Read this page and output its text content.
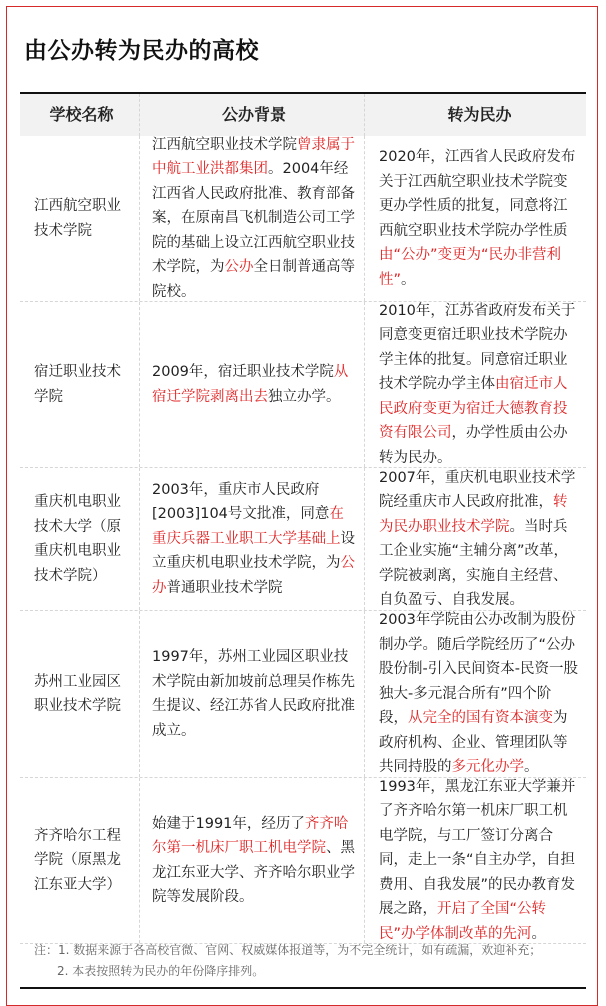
由公办转为民办的高校
学校名称	公办背景	转为民办
江西航空职业技术学院
江西航空职业技术学院曾隶属于中航工业洪都集团。2004年经江西省人民政府批准、教育部备案，在原南昌飞机制造公司工学院的基础上设立江西航空职业技术学院，为公办全日制普通高等院校。
2020年，江西省人民政府发布关于江西航空职业技术学院变更办学性质的批复，同意将江西航空职业技术学院办学性质由“公办”变更为“民办非营利性”。
宿迁职业技术学院
2009年，宿迁职业技术学院从宿迁学院剥离出去独立办学。
2010年，江苏省政府发布关于同意变更宿迁职业技术学院办学主体的批复。同意宿迁职业技术学院办学主体由宿迁市人民政府变更为宿迁大德教育投资有限公司，办学性质由公办转为民办。
重庆机电职业技术大学（原重庆机电职业技术学院）
2003年，重庆市人民政府[2003]104号文批准，同意在重庆兵器工业职工大学基础上设立重庆机电职业技术学院，为公办普通职业技术学院
2007年，重庆机电职业技术学院经重庆市人民政府批准，转为民办职业技术学院。当时兵工企业实施“主辅分离”改革，学院被剥离，实施自主经营、自负盈亏、自我发展。
苏州工业园区职业技术学院
1997年，苏州工业园区职业技术学院由新加坡前总理吴作栋先生提议、经江苏省人民政府批准成立。
2003年学院由公办改制为股份制办学。随后学院经历了“公办股份制-引入民间资本-民资一股独大-多元混合所有”四个阶段，从完全的国有资本演变为政府机构、企业、管理团队等共同持股的多元化办学。
齐齐哈尔工程学院（原黑龙江东亚大学）
始建于1991年，经历了齐齐哈尔第一机床厂职工机电学院、黑龙江东亚大学、齐齐哈尔职业学院等发展阶段。
1993年，黑龙江东亚大学兼并了齐齐哈尔第一机床厂职工机电学院，与工厂签订分离合同，走上一条“自主办学，自担费用、自我发展”的民办教育发展之路，开启了全国“公转民”办学体制改革的先河。
注：1. 数据来源于各高校官微、官网、权威媒体报道等，为不完全统计，如有疏漏，欢迎补充；
2. 本表按照转为民办的年份降序排列。
